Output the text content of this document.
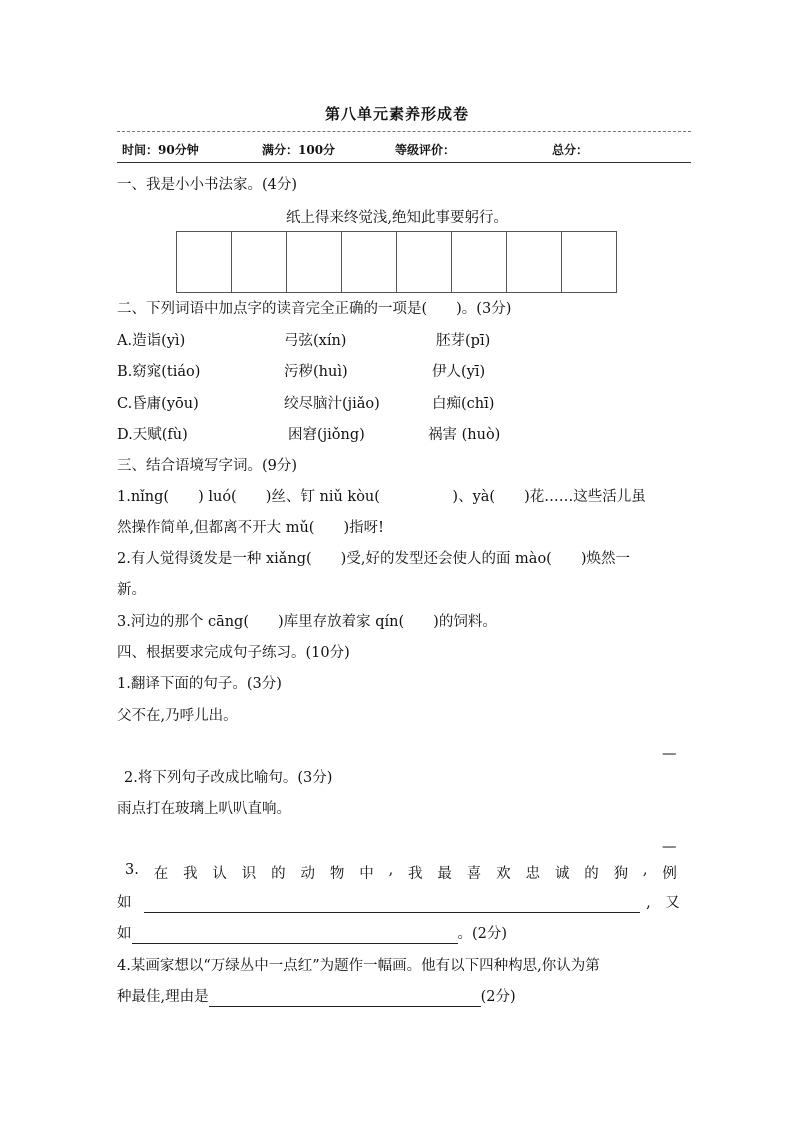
第八单元素养形成卷
时间：90分钟	满分：100分	等级评价：	总分：
一、我是小小书法家。(4分)
纸上得来终觉浅,绝知此事要躬行。
二、下列词语中加点字的读音完全正确的一项是(　　)。(3分)
A.造诣(yì)	弓弦(xín)	胚芽(pī)
B.窈窕(tiáo)	污秽(huì)	伊人(yī)
C.昏庸(yōu)	绞尽脑汁(jiǎo)	白痴(chī)
D.天赋(fù)	困窘(jiǒng)	祸害 (huò)
三、结合语境写字词。(9分)
1.nǐng(　　) luó(　　)丝、钉 niǔ kòu(　　　　　)、yà(　　)花……这些活儿虽
然操作简单,但都离不开大 mǔ(　　)指呀!
2.有人觉得烫发是一种 xiǎng(　　)受,好的发型还会使人的面 mào(　　)焕然一
新。
3.河边的那个 cāng(　　)库里存放着家 qín(　　)的饲料。
四、根据要求完成句子练习。(10分)
1.翻译下面的句子。(3分)
父不在,乃呼儿出。
—
2.将下列句子改成比喻句。(3分)
雨点打在玻璃上叭叭直响。
—
3. 在 我 认 识 的 动 物 中 , 我 最 喜 欢 忠 诚 的 狗 , 例
如	,　又
如	。(2分)
4.某画家想以“万绿丛中一点红”为题作一幅画。他有以下四种构思,你认为第
种最佳,理由是	(2分)
